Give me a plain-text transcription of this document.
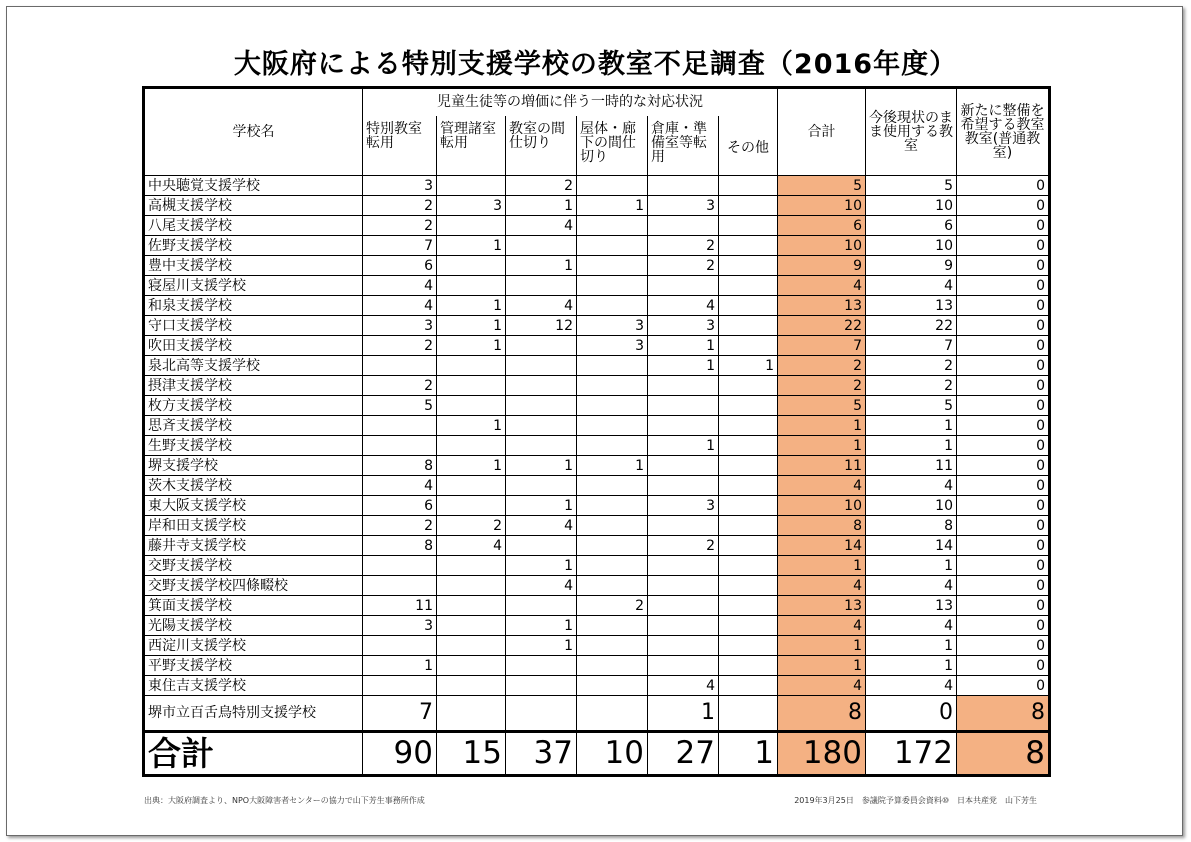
大阪府による特別支援学校の教室不足調査（2016年度）
学校名	児童生徒等の増価に伴う一時的な対応状況						合計	今後現状のまま使用する教室	新たに整備を希望する教室教室(普通教室)
	特別教室転用	管理諸室転用	教室の間仕切り	屋体・廊下の間仕切り	倉庫・準備室等転用	その他			
中央聴覚支援学校	3		2				5	5	0
高槻支援学校	2	3	1	1	3		10	10	0
八尾支援学校	2		4				6	6	0
佐野支援学校	7	1			2		10	10	0
豊中支援学校	6		1		2		9	9	0
寝屋川支援学校	4						4	4	0
和泉支援学校	4	1	4		4		13	13	0
守口支援学校	3	1	12	3	3		22	22	0
吹田支援学校	2	1		3	1		7	7	0
泉北高等支援学校					1	1	2	2	0
摂津支援学校	2						2	2	0
枚方支援学校	5						5	5	0
思斉支援学校		1					1	1	0
生野支援学校					1		1	1	0
堺支援学校	8	1	1	1			11	11	0
茨木支援学校	4						4	4	0
東大阪支援学校	6		1		3		10	10	0
岸和田支援学校	2	2	4				8	8	0
藤井寺支援学校	8	4			2		14	14	0
交野支援学校			1				1	1	0
交野支援学校四條畷校			4				4	4	0
箕面支援学校	11			2			13	13	0
光陽支援学校	3		1				4	4	0
西淀川支援学校			1				1	1	0
平野支援学校	1						1	1	0
東住吉支援学校					4		4	4	0
堺市立百舌鳥特別支援学校	7				1		8	0	8
合計	90	15	37	10	27	1	180	172	8
出典：大阪府調査より、NPO大阪障害者センターの協力で山下芳生事務所作成	2019年3月25日　参議院予算委員会資料⑩　日本共産党　山下芳生
